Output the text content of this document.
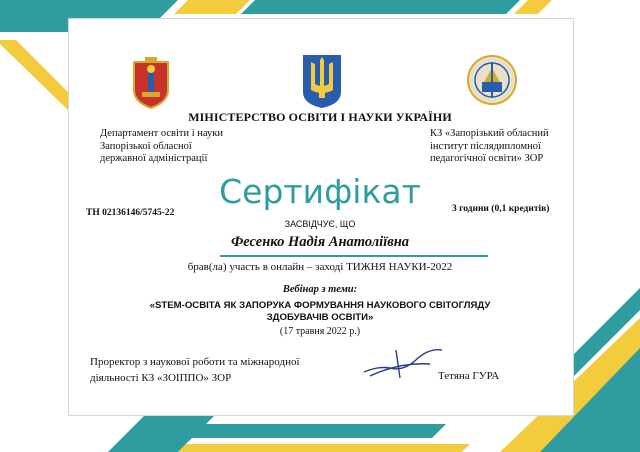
МІНІСТЕРСТВО ОСВІТИ І НАУКИ УКРАЇНИ
Департамент освіти і науки
Запорізької обласної
державної адміністрації
КЗ «Запорізький обласний
інститут післядипломної
педагогічної освіти» ЗОР
Сертифікат
ТН 02136146/5745-22	3 години (0,1 кредитів)
ЗАСВІДЧУЄ, ЩО
Фесенко Надія Анатоліївна
брав(ла) участь в онлайн – заході ТИЖНЯ НАУКИ-2022
Вебінар з теми:
«STEM-ОСВІТА ЯК ЗАПОРУКА ФОРМУВАННЯ НАУКОВОГО СВІТОГЛЯДУ
ЗДОБУВАЧІВ ОСВІТИ»
(17 травня 2022 р.)
Проректор з наукової роботи та міжнародної
діяльності КЗ «ЗОІППО» ЗОР	Тетяна ГУРА
